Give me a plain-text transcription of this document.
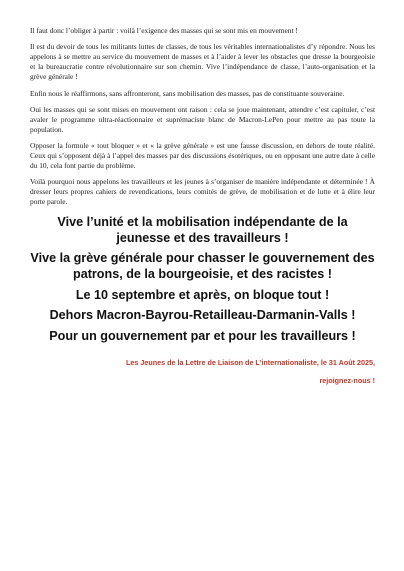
Il faut donc l’obliger à partir : voilà l’exigence des masses qui se sont mis en mouvement !

Il est du devoir de tous les militants luttes de classes, de tous les véritables internationalistes d’y répondre. Nous les appelons à se mettre au service du mouvement de masses et à l’aider à lever les obstacles que dresse la bourgeoisie et la bureaucratie contre révolutionnaire sur son chemin. Vive l’indépendance de classe, l’auto-organisation et la grève générale !

Enfin nous le réaffirmons, sans affronteront, sans mobilisation des masses, pas de constituante souveraine.

Oui les masses qui se sont mises en mouvement ont raison : cela se joue maintenant, attendre c’est capituler, c’est avaler le programme ultra-réactionnaire et suprémaciste blanc de Macron-LePen pour mettre au pas toute la population.

Opposer la formule « tout bloquer » et « la grève générale » est une fausse discussion, en dehors de toute réalité. Ceux qui s’opposent déjà à l’appel des masses par des discussions ésotériques, ou en opposant une autre date à celle du 10, cela font partie du problème.

Voilà pourquoi nous appelons les travailleurs et les jeunes à s’organiser de manière indépendante et déterminée ! À dresser leurs propres cahiers de revendications, leurs comités de grève, de mobilisation et de lutte et à élire leur porte parole.

Vive l’unité et la mobilisation indépendante de la jeunesse et des travailleurs !

Vive la grève générale pour chasser le gouvernement des patrons, de la bourgeoisie, et des racistes !

Le 10 septembre et après, on bloque tout !

Dehors Macron-Bayrou-Retailleau-Darmanin-Valls !

Pour un gouvernement par et pour les travailleurs !

Les Jeunes de la Lettre de Liaison de L’internationaliste, le 31 Août 2025,
rejoignez-nous !
